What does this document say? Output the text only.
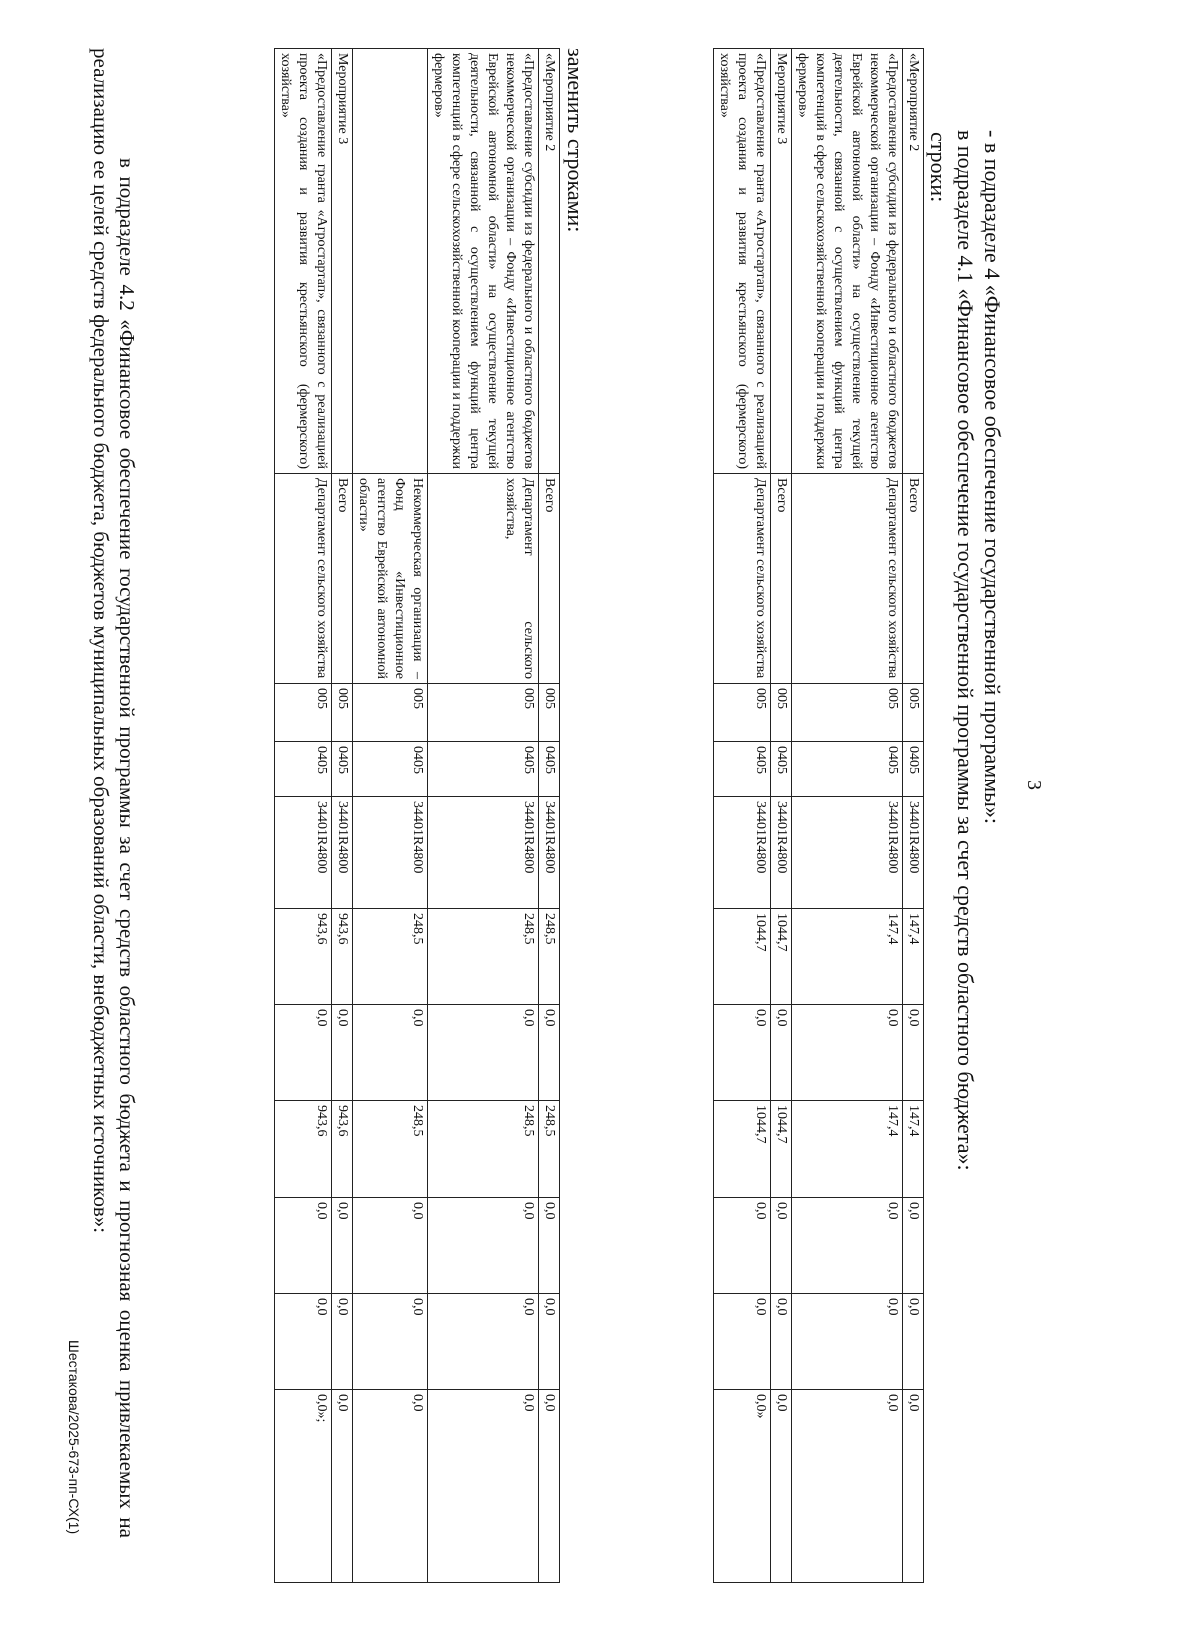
3
- в подразделе 4 «Финансовое обеспечение государственной программы»:
в подразделе 4.1 «Финансовое обеспечение государственной программы за счет средств областного бюджета»:
строки:
«Мероприятие 2	Всего	005	0405	34401R4800	147,4	0,0	147,4	0,0	0,0	0,0
«Предоставление субсидии из федерального и областного бюджетов некоммерческой организации – Фонду «Инвестиционное агентство Еврейской автономной области» на осуществление текущей деятельности, связанной с осуществлением функций центра компетенций в сфере сельскохозяйственной кооперации и поддержки фермеров»	Департамент сельского хозяйства	005	0405	34401R4800	147,4	0,0	147,4	0,0	0,0	0,0
Мероприятие 3	Всего	005	0405	34401R4800	1044,7	0,0	1044,7	0,0	0,0	0,0
«Предоставление гранта «Агростартап», связанного с реализацией проекта создания и развития крестьянского (фермерского) хозяйства»	Департамент сельского хозяйства	005	0405	34401R4800	1044,7	0,0	1044,7	0,0	0,0	0,0»
заменить строками:
«Мероприятие 2	Всего	005	0405	34401R4800	248,5	0,0	248,5	0,0	0,0	0,0
«Предоставление субсидии из федерального и областного бюджетов некоммерческой организации – Фонду «Инвестиционное агентство Еврейской автономной области» на осуществление текущей деятельности, связанной с осуществлением функций центра компетенций в сфере сельскохозяйственной кооперации и поддержки фермеров»	Департамент сельского хозяйства,	005	0405	34401R4800	248,5	0,0	248,5	0,0	0,0	0,0
	Некоммерческая организация – Фонд «Инвестиционное агентство Еврейской автономной области»	005	0405	34401R4800	248,5	0,0	248,5	0,0	0,0	0,0
Мероприятие 3	Всего	005	0405	34401R4800	943,6	0,0	943,6	0,0	0,0	0,0
«Предоставление гранта «Агростартап», связанного с реализацией проекта создания и развития крестьянского (фермерского) хозяйства»	Департамент сельского хозяйства	005	0405	34401R4800	943,6	0,0	943,6	0,0	0,0	0,0»;
в подразделе 4.2 «Финансовое обеспечение государственной программы за счет средств областного бюджета и прогнозная оценка привлекаемых на реализацию ее целей средств федерального бюджета, бюджетов муниципальных образований области, внебюджетных источников»:
Шестакова/2025-673-пп-СХ(1)
